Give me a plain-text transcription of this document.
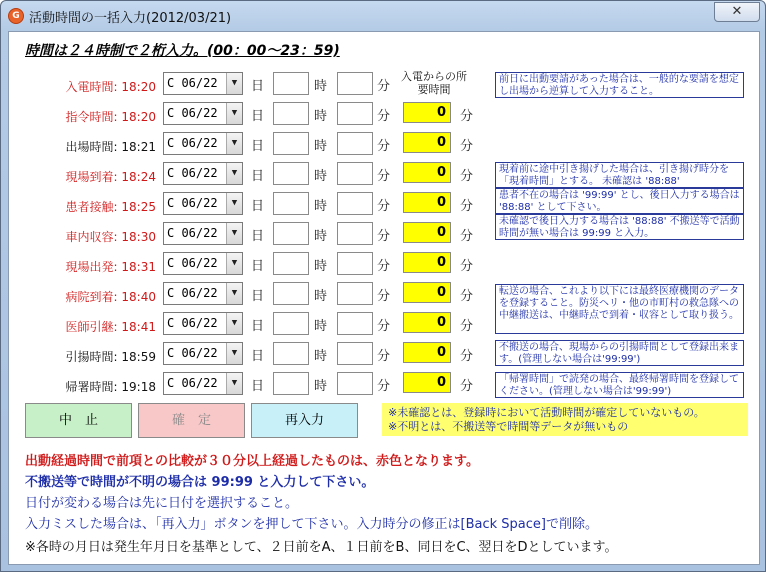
G 活動時間の一括入力(2012/03/21)	✕
時間は２４時制で２桁入力。(00：00～23：59)
入電からの所要時間
入電時間: 18:20 C 06/22	▼	日	時	分
指令時間: 18:20 C 06/22	▼	日	時	分	0	分
出場時間: 18:21 C 06/22	▼	日	時	分	0	分
現場到着: 18:24 C 06/22	▼	日	時	分	0	分
患者接触: 18:25 C 06/22	▼	日	時	分	0	分
車内収容: 18:30 C 06/22	▼	日	時	分	0	分
現場出発: 18:31 C 06/22	▼	日	時	分	0	分
病院到着: 18:40 C 06/22	▼	日	時	分	0	分
医師引継: 18:41 C 06/22	▼	日	時	分	0	分
引揚時間: 18:59 C 06/22	▼	日	時	分	0	分
帰署時間: 19:18 C 06/22	▼	日	時	分	0	分
前日に出動要請があった場合は、一般的な要請を想定し出場から逆算して入力すること。
現着前に途中引き揚げした場合は、引き揚げ時分を「現着時間」とする。 未確認は '88:88'
患者不在の場合は '99:99' とし、後日入力する場合は '88:88' として下さい。
未確認で後日入力する場合は '88:88' 不搬送等で活動時間が無い場合は 99:99 と入力。
転送の場合、これより以下には最終医療機関のデータを登録すること。防災ヘリ・他の市町村の救急隊への中継搬送は、中継時点で到着・収容として取り扱う。
不搬送の場合、現場からの引揚時間として登録出来ます。(管理しない場合は'99:99')
「帰署時間」で読発の場合、最終帰署時間を登録してください。(管理しない場合は'99:99')
中　止	確　定	再入力
※未確認とは、登録時において活動時間が確定していないもの。
※不明とは、不搬送等で時間等データが無いもの
出動経過時間で前項との比較が３０分以上経過したものは、赤色となります。
不搬送等で時間が不明の場合は 99:99 と入力して下さい。
日付が変わる場合は先に日付を選択すること。
入力ミスした場合は、「再入力」ボタンを押して下さい。入力時分の修正は[Back Space]で削除。
※各時の月日は発生年月日を基準として、２日前をA、１日前をB、同日をC、翌日をDとしています。
